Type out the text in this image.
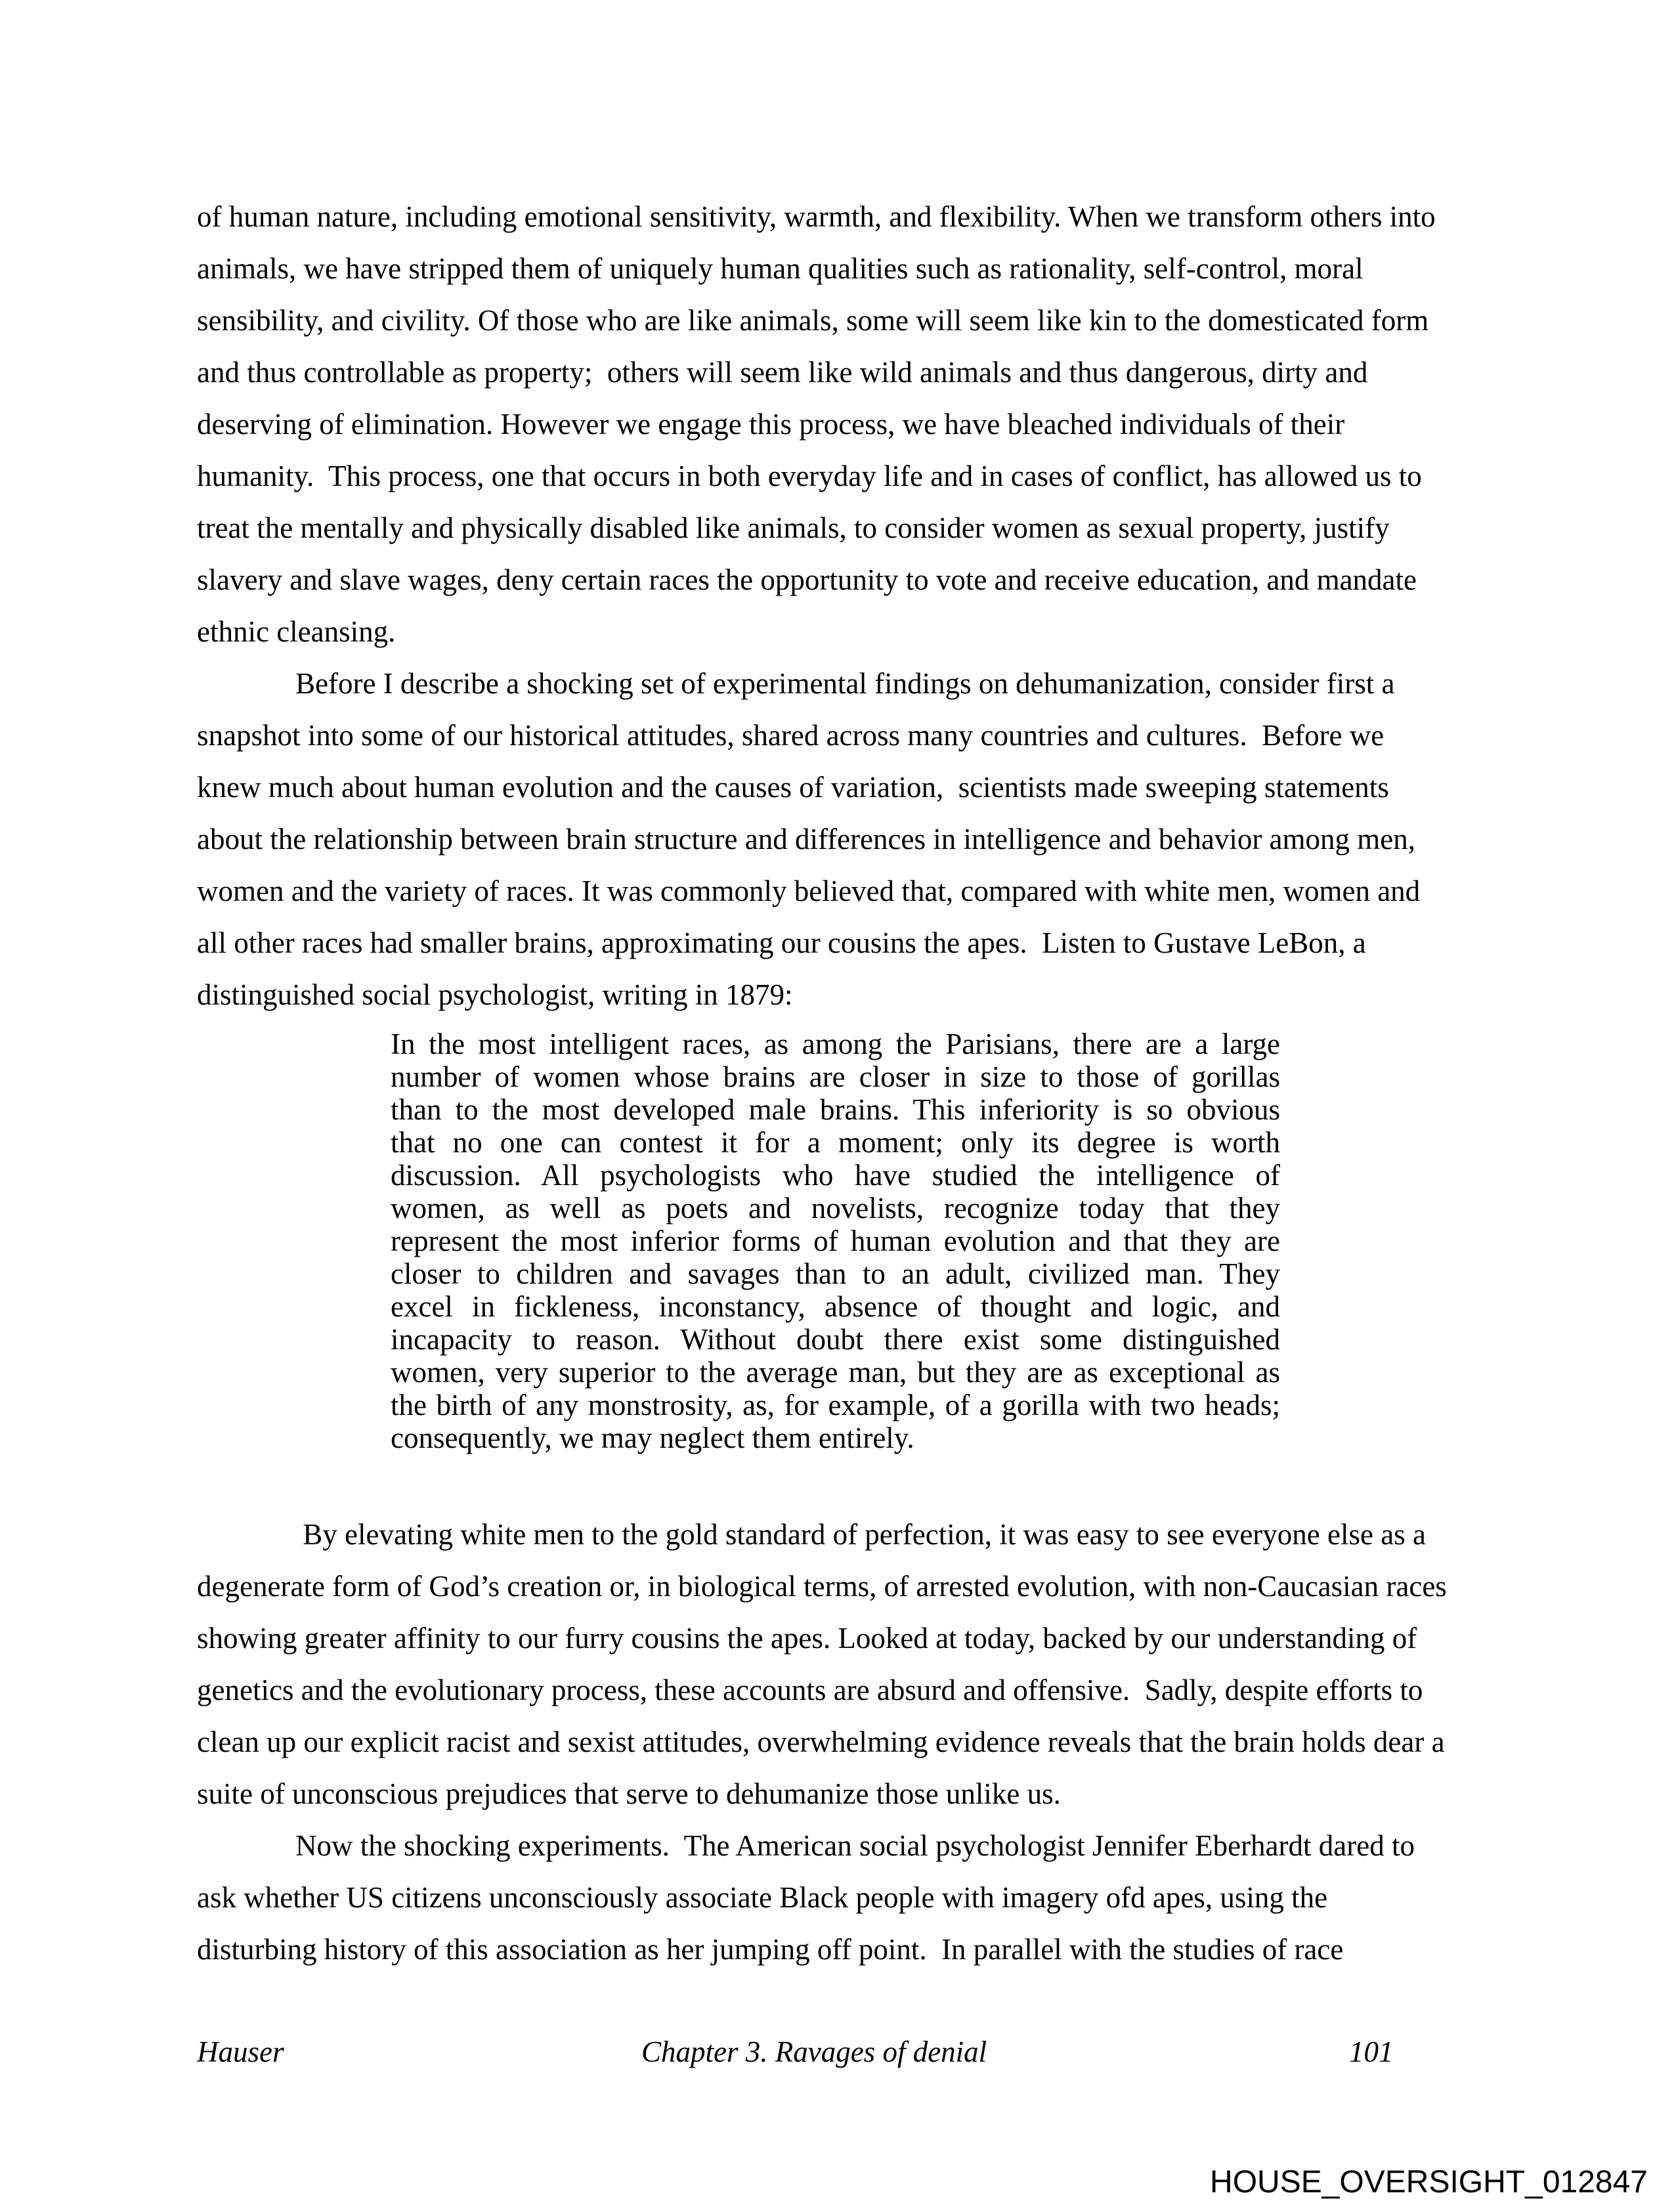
of human nature, including emotional sensitivity, warmth, and flexibility. When we transform others into
animals, we have stripped them of uniquely human qualities such as rationality, self-control, moral
sensibility, and civility. Of those who are like animals, some will seem like kin to the domesticated form
and thus controllable as property;  others will seem like wild animals and thus dangerous, dirty and
deserving of elimination. However we engage this process, we have bleached individuals of their
humanity.  This process, one that occurs in both everyday life and in cases of conflict, has allowed us to
treat the mentally and physically disabled like animals, to consider women as sexual property, justify
slavery and slave wages, deny certain races the opportunity to vote and receive education, and mandate
ethnic cleansing.
Before I describe a shocking set of experimental findings on dehumanization, consider first a
snapshot into some of our historical attitudes, shared across many countries and cultures.  Before we
knew much about human evolution and the causes of variation,  scientists made sweeping statements
about the relationship between brain structure and differences in intelligence and behavior among men,
women and the variety of races. It was commonly believed that, compared with white men, women and
all other races had smaller brains, approximating our cousins the apes.  Listen to Gustave LeBon, a
distinguished social psychologist, writing in 1879:
In the most intelligent races, as among the Parisians, there are a large
number of women whose brains are closer in size to those of gorillas
than to the most developed male brains. This inferiority is so obvious
that no one can contest it for a moment; only its degree is worth
discussion. All psychologists who have studied the intelligence of
women, as well as poets and novelists, recognize today that they
represent the most inferior forms of human evolution and that they are
closer to children and savages than to an adult, civilized man. They
excel in fickleness, inconstancy, absence of thought and logic, and
incapacity to reason. Without doubt there exist some distinguished
women, very superior to the average man, but they are as exceptional as
the birth of any monstrosity, as, for example, of a gorilla with two heads;
consequently, we may neglect them entirely.
By elevating white men to the gold standard of perfection, it was easy to see everyone else as a
degenerate form of God’s creation or, in biological terms, of arrested evolution, with non-Caucasian races
showing greater affinity to our furry cousins the apes. Looked at today, backed by our understanding of
genetics and the evolutionary process, these accounts are absurd and offensive.  Sadly, despite efforts to
clean up our explicit racist and sexist attitudes, overwhelming evidence reveals that the brain holds dear a
suite of unconscious prejudices that serve to dehumanize those unlike us.
Now the shocking experiments.  The American social psychologist Jennifer Eberhardt dared to
ask whether US citizens unconsciously associate Black people with imagery ofd apes, using the
disturbing history of this association as her jumping off point.  In parallel with the studies of race
Hauser	Chapter 3. Ravages of denial	101
HOUSE_OVERSIGHT_012847
